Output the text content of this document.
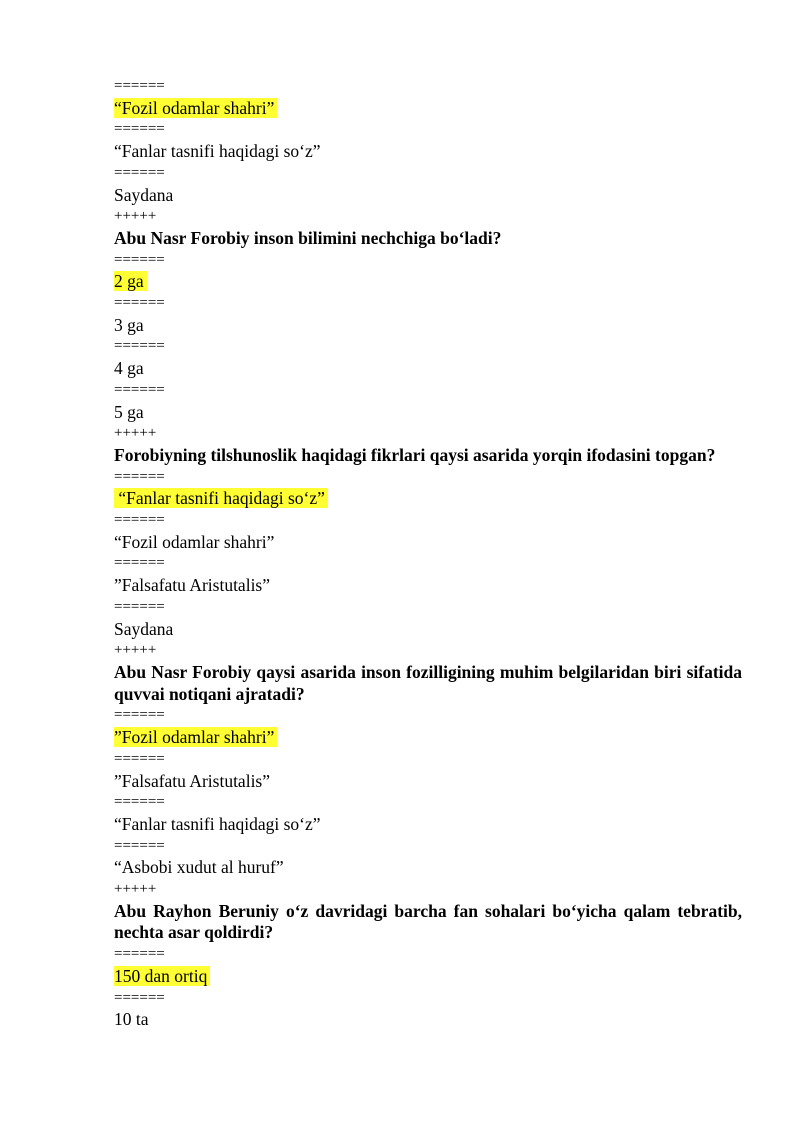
======
“Fozil odamlar shahri”
======
“Fanlar tasnifi haqidagi so‘z”
======
Saydana
+++++
Abu Nasr Forobiy inson bilimini nechchiga bo‘ladi?
======
2 ga
======
3 ga
======
4 ga
======
5 ga
+++++
Forobiyning tilshunoslik haqidagi fikrlari qaysi asarida yorqin ifodasini topgan?
======
“Fanlar tasnifi haqidagi so‘z”
======
“Fozil odamlar shahri”
======
”Falsafatu Aristutalis”
======
Saydana
+++++
Abu Nasr Forobiy qaysi asarida inson fozilligining muhim belgilaridan biri sifatida quvvai notiqani ajratadi?
======
”Fozil odamlar shahri”
======
”Falsafatu Aristutalis”
======
“Fanlar tasnifi haqidagi so‘z”
======
“Asbobi xudut al huruf”
+++++
Abu Rayhon Beruniy o‘z davridagi barcha fan sohalari bo‘yicha qalam tebratib, nechta asar qoldirdi?
======
150 dan ortiq
======
10 ta
